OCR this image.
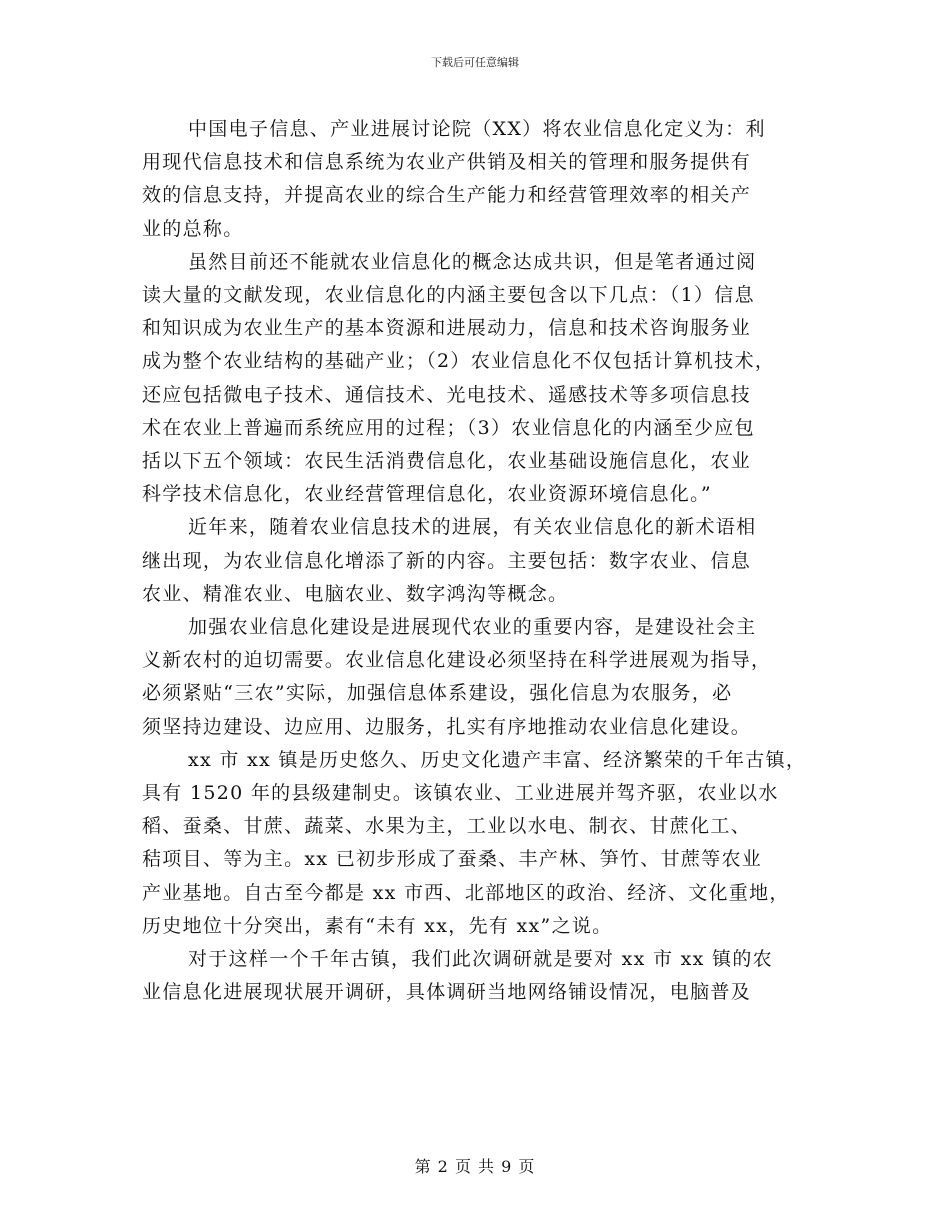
下载后可任意编辑
中国电子信息、产业进展讨论院（XX）将农业信息化定义为：利
用现代信息技术和信息系统为农业产供销及相关的管理和服务提供有
效的信息支持，并提高农业的综合生产能力和经营管理效率的相关产
业的总称。
虽然目前还不能就农业信息化的概念达成共识，但是笔者通过阅
读大量的文献发现，农业信息化的内涵主要包含以下几点：（1）信息
和知识成为农业生产的基本资源和进展动力，信息和技术咨询服务业
成为整个农业结构的基础产业；（2）农业信息化不仅包括计算机技术，
还应包括微电子技术、通信技术、光电技术、遥感技术等多项信息技
术在农业上普遍而系统应用的过程；（3）农业信息化的内涵至少应包
括以下五个领域：农民生活消费信息化，农业基础设施信息化，农业
科学技术信息化，农业经营管理信息化，农业资源环境信息化。”
近年来，随着农业信息技术的进展，有关农业信息化的新术语相
继出现，为农业信息化增添了新的内容。主要包括：数字农业、信息
农业、精准农业、电脑农业、数字鸿沟等概念。
加强农业信息化建设是进展现代农业的重要内容，是建设社会主
义新农村的迫切需要。农业信息化建设必须坚持在科学进展观为指导，
必须紧贴“三农”实际，加强信息体系建设，强化信息为农服务，必
须坚持边建设、边应用、边服务，扎实有序地推动农业信息化建设。
xx 市 xx 镇是历史悠久、历史文化遗产丰富、经济繁荣的千年古镇，
具有 1520 年的县级建制史。该镇农业、工业进展并驾齐驱，农业以水
稻、蚕桑、甘蔗、蔬菜、水果为主，工业以水电、制衣、甘蔗化工、
秸项目、等为主。xx 已初步形成了蚕桑、丰产林、笋竹、甘蔗等农业
产业基地。自古至今都是 xx 市西、北部地区的政治、经济、文化重地，
历史地位十分突出，素有“未有 xx，先有 xx”之说。
对于这样一个千年古镇，我们此次调研就是要对 xx 市 xx 镇的农
业信息化进展现状展开调研，具体调研当地网络铺设情况，电脑普及
第 2 页 共 9 页
